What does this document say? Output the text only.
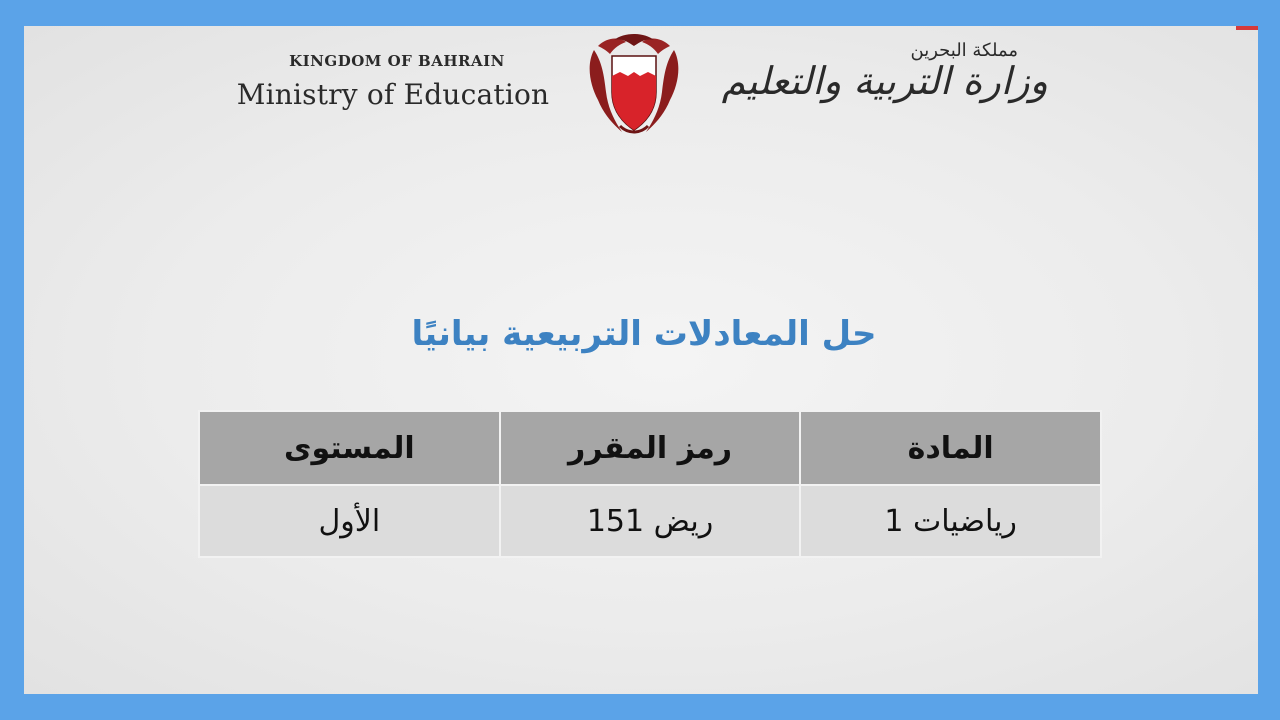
KINGDOM OF BAHRAIN
Ministry of Education
مملكة البحرين
وزارة التربية والتعليم
حل المعادلات التربيعية بيانيًا
المادة	رمز المقرر	المستوى
رياضيات 1	ريض 151	الأول
